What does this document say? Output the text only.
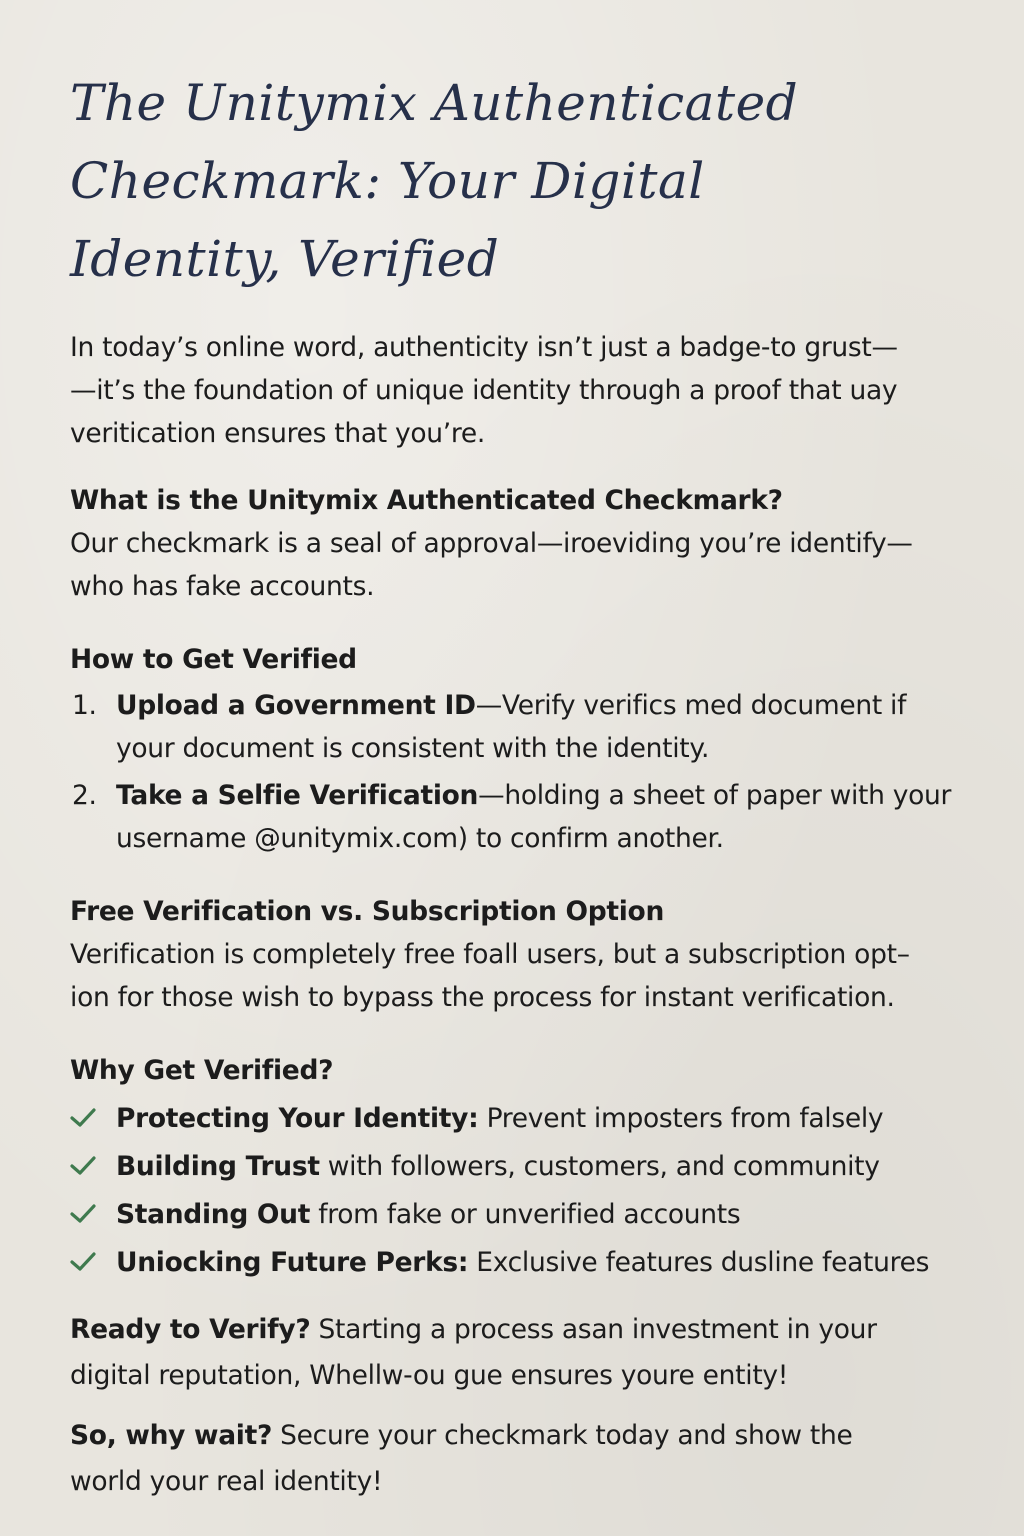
The Unitymix Authenticated
Checkmark: Your Digital
Identity, Verified

In today’s online word, authenticity isn’t just a badge-to grust—
—it’s the foundation of unique identity through a proof that uay
veritication ensures that you’re.

What is the Unitymix Authenticated Checkmark?

Our checkmark is a seal of approval—iroeviding you’re identify—
who has fake accounts.

How to Get Verified
1. Upload a Government ID—Verify verifics med document if
your document is consistent with the identity.
2. Take a Selfie Verification—holding a sheet of paper with your
username @unitymix.com) to confirm another.
Free Verification vs. Subscription Option

Verification is completely free foall users, but a subscription opt–
ion for those wish to bypass the process for instant verification.

Why Get Verified?
Protecting Your Identity: Prevent imposters from falsely
Building Trust with followers, customers, and community
Standing Out from fake or unverified accounts
Uniocking Future Perks: Exclusive features dusline features

Ready to Verify? Starting a process asan investment in your
digital reputation, Whellw-ou gue ensures youre entity!

So, why wait? Secure your checkmark today and show the
world your real identity!
